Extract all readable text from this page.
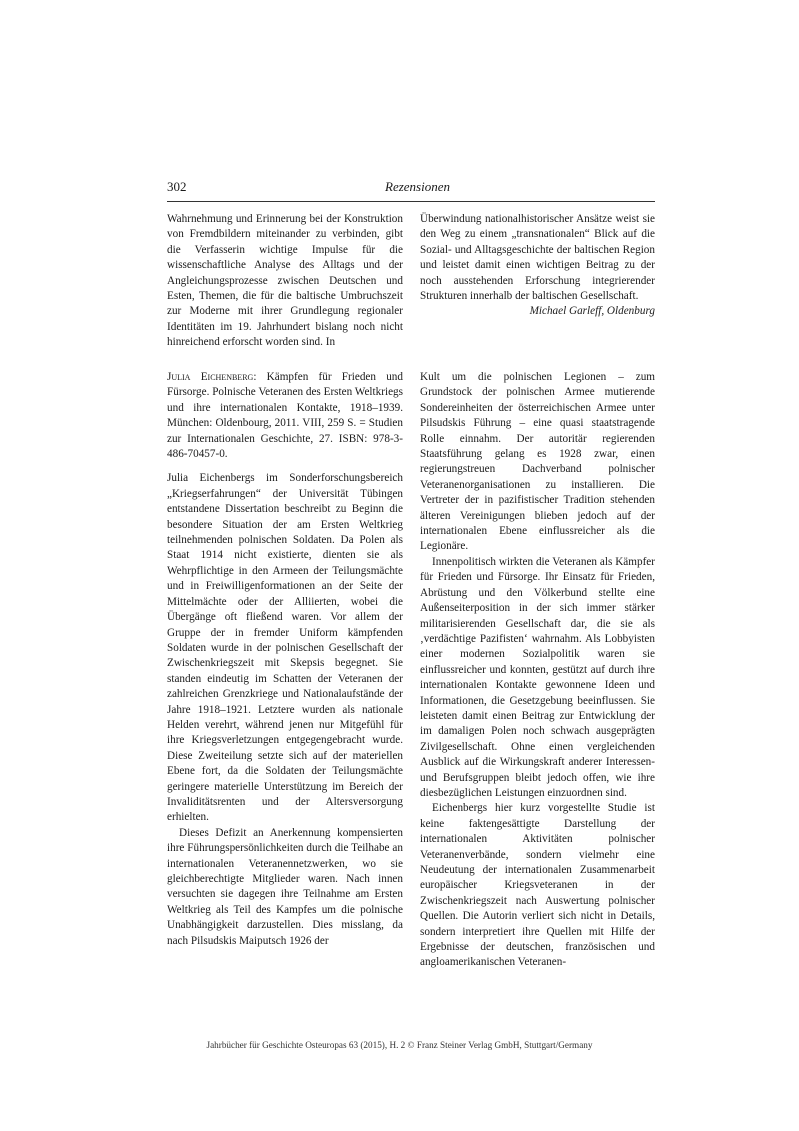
302	Rezensionen

Wahrnehmung und Erinnerung bei der Konstruktion von Fremdbildern miteinander zu verbinden, gibt die Verfasserin wichtige Impulse für die wissenschaftliche Analyse des Alltags und der Angleichungsprozesse zwischen Deutschen und Esten, Themen, die für die baltische Umbruchszeit zur Moderne mit ihrer Grundlegung regionaler Identitäten im 19. Jahrhundert bislang noch nicht hinreichend erforscht worden sind. In

Überwindung nationalhistorischer Ansätze weist sie den Weg zu einem „transnationalen“ Blick auf die Sozial- und Alltagsgeschichte der baltischen Region und leistet damit einen wichtigen Beitrag zu der noch ausstehenden Erforschung integrierender Strukturen innerhalb der baltischen Gesellschaft.

Michael Garleff, Oldenburg

Julia Eichenberg: Kämpfen für Frieden und Fürsorge. Polnische Veteranen des Ersten Weltkriegs und ihre internationalen Kontakte, 1918–1939. München: Oldenbourg, 2011. VIII, 259 S. = Studien zur Internationalen Geschichte, 27. ISBN: 978-3-486-70457-0.

Julia Eichenbergs im Sonderforschungsbereich „Kriegserfahrungen“ der Universität Tübingen entstandene Dissertation beschreibt zu Beginn die besondere Situation der am Ersten Weltkrieg teilnehmenden polnischen Soldaten. Da Polen als Staat 1914 nicht existierte, dienten sie als Wehrpflichtige in den Armeen der Teilungsmächte und in Freiwilligenformationen an der Seite der Mittelmächte oder der Alliierten, wobei die Übergänge oft fließend waren. Vor allem der Gruppe der in fremder Uniform kämpfenden Soldaten wurde in der polnischen Gesellschaft der Zwischenkriegszeit mit Skepsis begegnet. Sie standen eindeutig im Schatten der Veteranen der zahlreichen Grenzkriege und Nationalaufstände der Jahre 1918–1921. Letztere wurden als nationale Helden verehrt, während jenen nur Mitgefühl für ihre Kriegsverletzungen entgegengebracht wurde. Diese Zweiteilung setzte sich auf der materiellen Ebene fort, da die Soldaten der Teilungsmächte geringere materielle Unterstützung im Bereich der Invaliditätsrenten und der Altersversorgung erhielten.

Dieses Defizit an Anerkennung kompensierten ihre Führungspersönlichkeiten durch die Teilhabe an internationalen Veteranennetzwerken, wo sie gleichberechtigte Mitglieder waren. Nach innen versuchten sie dagegen ihre Teilnahme am Ersten Weltkrieg als Teil des Kampfes um die polnische Unabhängigkeit darzustellen. Dies misslang, da nach Pilsudskis Maiputsch 1926 der

Kult um die polnischen Legionen – zum Grundstock der polnischen Armee mutierende Sondereinheiten der österreichischen Armee unter Pilsudskis Führung – eine quasi staatstragende Rolle einnahm. Der autoritär regierenden Staatsführung gelang es 1928 zwar, einen regierungstreuen Dachverband polnischer Veteranenorganisationen zu installieren. Die Vertreter der in pazifistischer Tradition stehenden älteren Vereinigungen blieben jedoch auf der internationalen Ebene einflussreicher als die Legionäre.

Innenpolitisch wirkten die Veteranen als Kämpfer für Frieden und Fürsorge. Ihr Einsatz für Frieden, Abrüstung und den Völkerbund stellte eine Außenseiterposition in der sich immer stärker militarisierenden Gesellschaft dar, die sie als ‚verdächtige Pazifisten‘ wahrnahm. Als Lobbyisten einer modernen Sozialpolitik waren sie einflussreicher und konnten, gestützt auf durch ihre internationalen Kontakte gewonnene Ideen und Informationen, die Gesetzgebung beeinflussen. Sie leisteten damit einen Beitrag zur Entwicklung der im damaligen Polen noch schwach ausgeprägten Zivilgesellschaft. Ohne einen vergleichenden Ausblick auf die Wirkungskraft anderer Interessen- und Berufsgruppen bleibt jedoch offen, wie ihre diesbezüglichen Leistungen einzuordnen sind.

Eichenbergs hier kurz vorgestellte Studie ist keine faktengesättigte Darstellung der internationalen Aktivitäten polnischer Veteranenverbände, sondern vielmehr eine Neudeutung der internationalen Zusammenarbeit europäischer Kriegsveteranen in der Zwischenkriegszeit nach Auswertung polnischer Quellen. Die Autorin verliert sich nicht in Details, sondern interpretiert ihre Quellen mit Hilfe der Ergebnisse der deutschen, französischen und angloamerikanischen Veteranen-

Jahrbücher für Geschichte Osteuropas 63 (2015), H. 2 © Franz Steiner Verlag GmbH, Stuttgart/Germany
